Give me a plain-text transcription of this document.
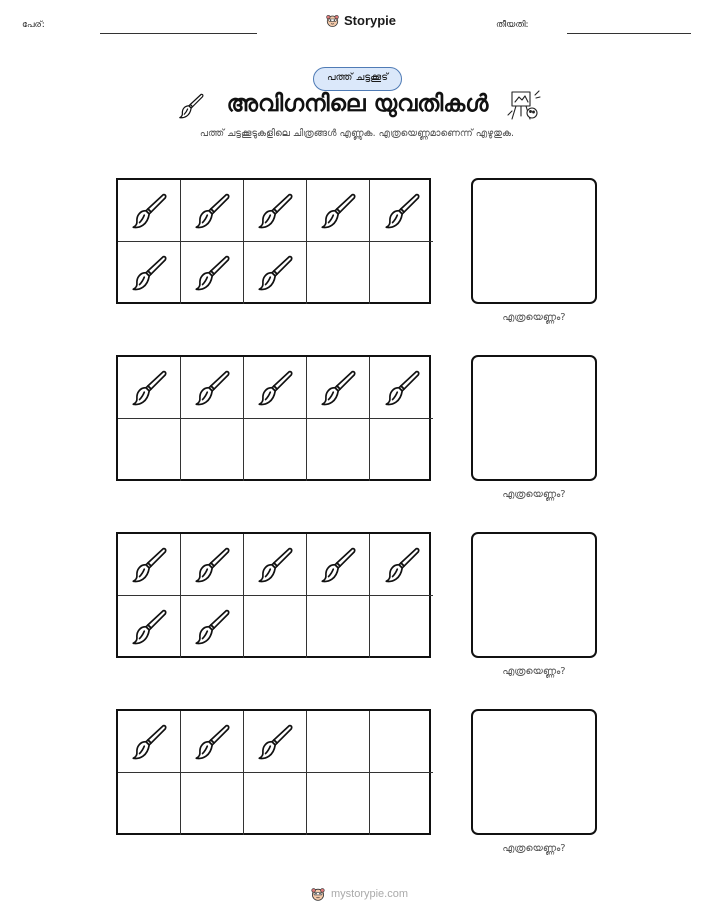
പേര്:	Storypie	തീയതി:
പത്ത് ചട്ടക്കൂട്
അവിഗനിലെ യുവതികൾ
പത്ത് ചട്ടക്കൂടുകളിലെ ചിത്രങ്ങൾ എണ്ണുക. എത്രയെണ്ണമാണെന്ന് എഴുതുക.
എത്രയെണ്ണം?
എത്രയെണ്ണം?
എത്രയെണ്ണം?
എത്രയെണ്ണം?
mystorypie.com
